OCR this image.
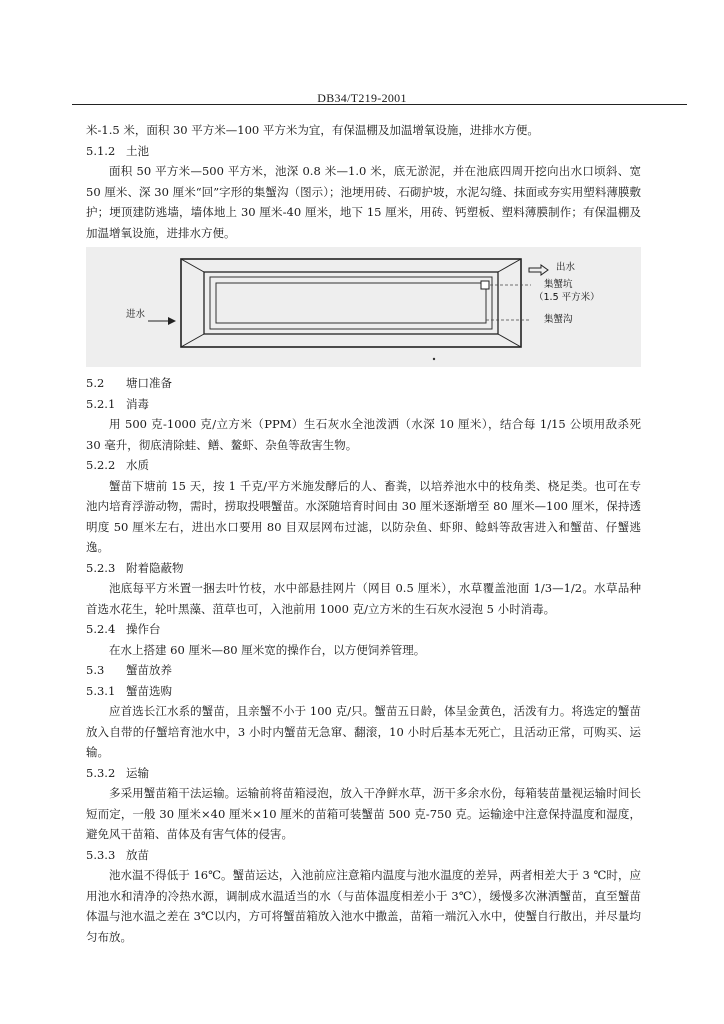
DB34/T219-2001

米-1.5 米，面积 30 平方米—100 平方米为宜，有保温棚及加温增氧设施，进排水方便。

5.1.2 土池

面积 50 平方米—500 平方米，池深 0.8 米—1.0 米，底无淤泥，并在池底四周开挖向出水口顷斜、宽 50 厘米、深 30 厘米“回”字形的集蟹沟（图示）；池埂用砖、石砌护坡，水泥勾缝、抹面或夯实用塑料薄膜敷护；埂顶建防逃墙，墙体地上 30 厘米-40 厘米，地下 15 厘米，用砖、钙塑板、塑料薄膜制作；有保温棚及加温增氧设施，进排水方便。

出水
集蟹坑
（1.5 平方米）
进水	集蟹沟
5.2 塘口准备
5.2.1 消毒

用 500 克-1000 克/立方米（PPM）生石灰水全池泼洒（水深 10 厘米），结合每 1/15 公顷用敌杀死 30 毫升，彻底清除蛙、鳝、鳌虾、杂鱼等敌害生物。

5.2.2 水质

蟹苗下塘前 15 天，按 1 千克/平方米施发酵后的人、畜粪，以培养池水中的枝角类、桡足类。也可在专池内培育浮游动物，需时，捞取投喂蟹苗。水深随培育时间由 30 厘米逐渐增至 80 厘米—100 厘米，保持透明度 50 厘米左右，进出水口要用 80 目双层网布过滤，以防杂鱼、虾卵、鲶蚪等敌害进入和蟹苗、仔蟹逃逸。

5.2.3 附着隐蔽物

池底每平方米置一捆去叶竹枝，水中部悬挂网片（网目 0.5 厘米），水草覆盖池面 1/3—1/2。水草品种首选水花生，轮叶黑藻、菹草也可，入池前用 1000 克/立方米的生石灰水浸泡 5 小时消毒。

5.2.4 操作台

在水上搭建 60 厘米—80 厘米宽的操作台，以方便饲养管理。

5.3 蟹苗放养
5.3.1 蟹苗选购

应首选长江水系的蟹苗，且亲蟹不小于 100 克/只。蟹苗五日龄，体呈金黄色，活泼有力。将选定的蟹苗放入自带的仔蟹培育池水中，3 小时内蟹苗无急窜、翻滚，10 小时后基本无死亡，且活动正常，可购买、运输。

5.3.2 运输

多采用蟹苗箱干法运输。运输前将苗箱浸泡，放入干净鲜水草，沥干多余水份，每箱装苗量视运输时间长短而定，一般 30 厘米×40 厘米×10 厘米的苗箱可装蟹苗 500 克-750 克。运输途中注意保持温度和湿度，避免风干苗箱、苗体及有害气体的侵害。

5.3.3 放苗

池水温不得低于 16℃。蟹苗运达，入池前应注意箱内温度与池水温度的差异，两者相差大于 3 ℃时，应用池水和清净的冷热水源，调制成水温适当的水（与苗体温度相差小于 3℃），缓慢多次淋洒蟹苗，直至蟹苗体温与池水温之差在 3℃以内，方可将蟹苗箱放入池水中撒盖，苗箱一端沉入水中，使蟹自行散出，并尽量均匀布放。
